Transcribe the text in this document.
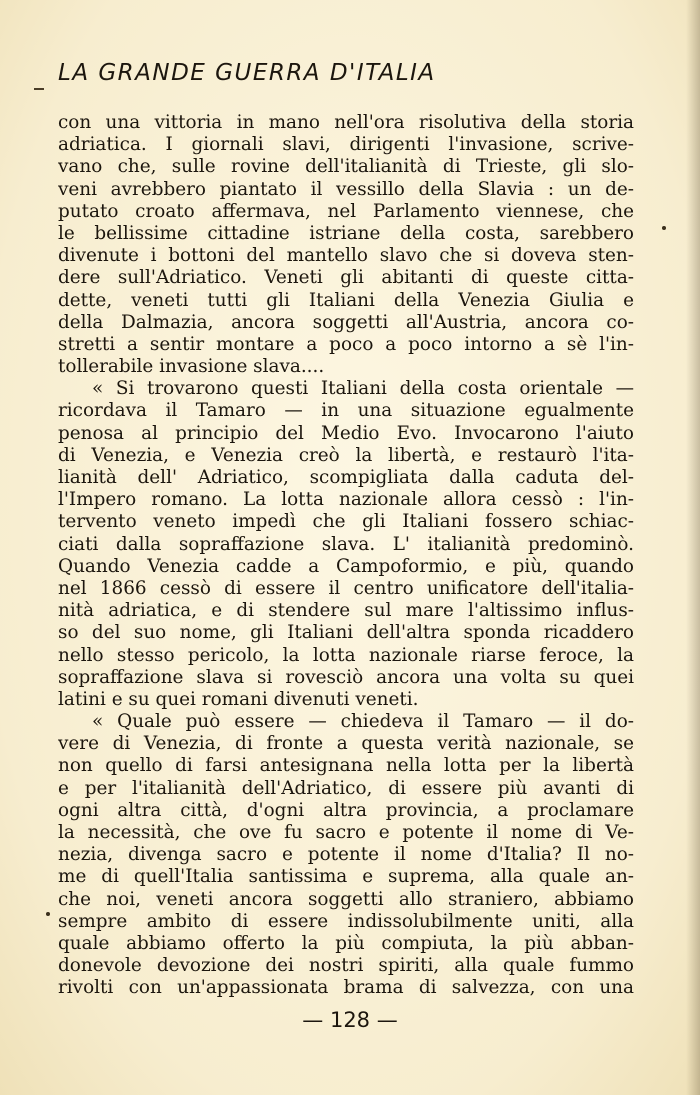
LA GRANDE GUERRA D'ITALIA
con una vittoria in mano nell'ora risolutiva della storia
adriatica. I giornali slavi, dirigenti l'invasione, scrive-
vano che, sulle rovine dell'italianità di Trieste, gli slo-
veni avrebbero piantato il vessillo della Slavia : un de-
putato croato affermava, nel Parlamento viennese, che
le bellissime cittadine istriane della costa, sarebbero
divenute i bottoni del mantello slavo che si doveva sten-
dere sull'Adriatico. Veneti gli abitanti di queste citta-
dette, veneti tutti gli Italiani della Venezia Giulia e
della Dalmazia, ancora soggetti all'Austria, ancora co-
stretti a sentir montare a poco a poco intorno a sè l'in-
tollerabile invasione slava....
« Si trovarono questi Italiani della costa orientale —
ricordava il Tamaro — in una situazione egualmente
penosa al principio del Medio Evo. Invocarono l'aiuto
di Venezia, e Venezia creò la libertà, e restaurò l'ita-
lianità dell' Adriatico, scompigliata dalla caduta del-
l'Impero romano. La lotta nazionale allora cessò : l'in-
tervento veneto impedì che gli Italiani fossero schiac-
ciati dalla sopraffazione slava. L' italianità predominò.
Quando Venezia cadde a Campoformio, e più, quando
nel 1866 cessò di essere il centro unificatore dell'italia-
nità adriatica, e di stendere sul mare l'altissimo influs-
so del suo nome, gli Italiani dell'altra sponda ricaddero
nello stesso pericolo, la lotta nazionale riarse feroce, la
sopraffazione slava si rovesciò ancora una volta su quei
latini e su quei romani divenuti veneti.
« Quale può essere — chiedeva il Tamaro — il do-
vere di Venezia, di fronte a questa verità nazionale, se
non quello di farsi antesignana nella lotta per la libertà
e per l'italianità dell'Adriatico, di essere più avanti di
ogni altra città, d'ogni altra provincia, a proclamare
la necessità, che ove fu sacro e potente il nome di Ve-
nezia, divenga sacro e potente il nome d'Italia? Il no-
me di quell'Italia santissima e suprema, alla quale an-
che noi, veneti ancora soggetti allo straniero, abbiamo
sempre ambito di essere indissolubilmente uniti, alla
quale abbiamo offerto la più compiuta, la più abban-
donevole devozione dei nostri spiriti, alla quale fummo
rivolti con un'appassionata brama di salvezza, con una
— 128 —
